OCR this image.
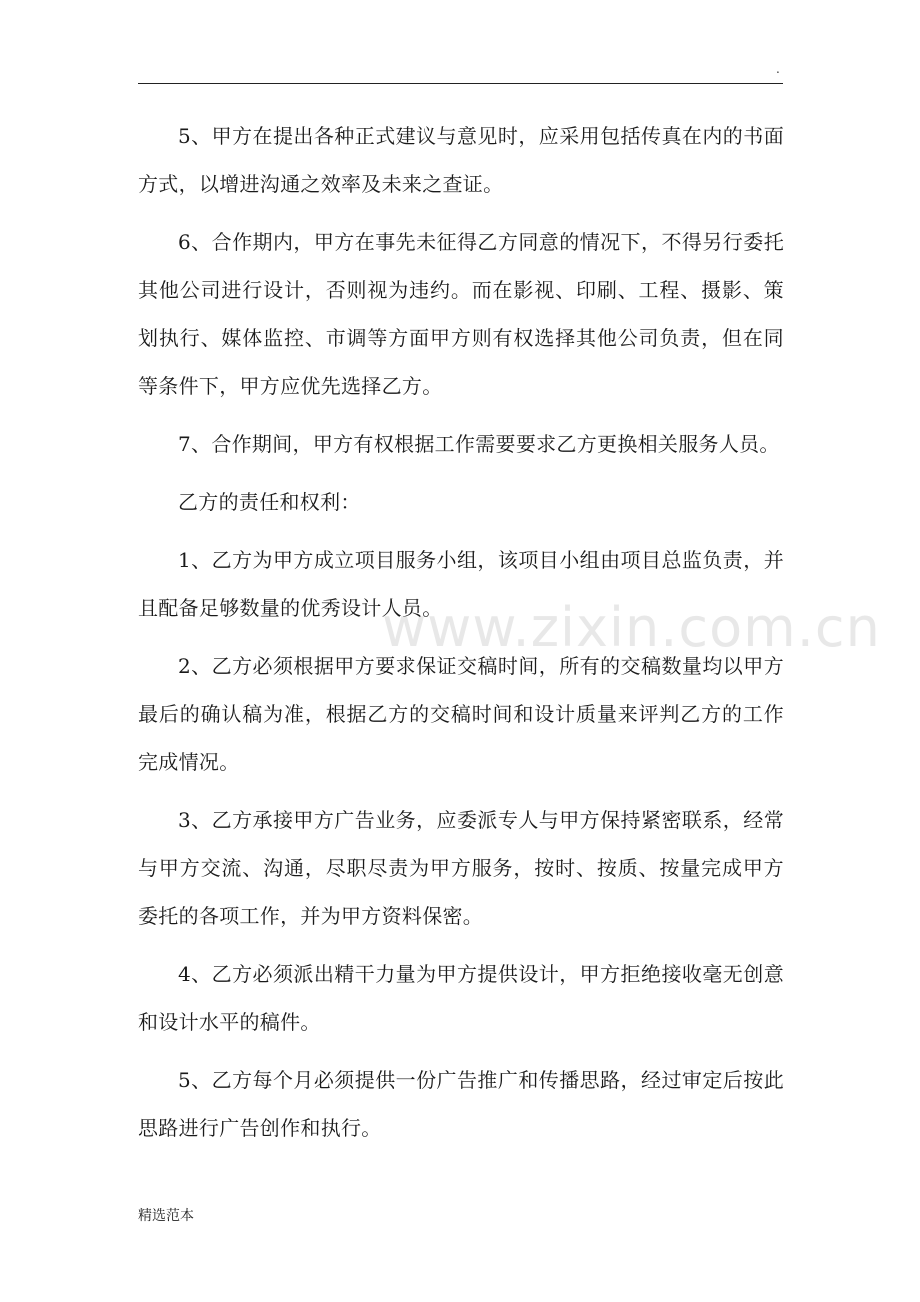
.

5、甲方在提出各种正式建议与意见时，应采用包括传真在内的书面方式，以增进沟通之效率及未来之查证。

6、合作期内，甲方在事先未征得乙方同意的情况下，不得另行委托其他公司进行设计，否则视为违约。而在影视、印刷、工程、摄影、策划执行、媒体监控、市调等方面甲方则有权选择其他公司负责，但在同等条件下，甲方应优先选择乙方。

7、合作期间，甲方有权根据工作需要要求乙方更换相关服务人员。

乙方的责任和权利：

1、乙方为甲方成立项目服务小组，该项目小组由项目总监负责，并且配备足够数量的优秀设计人员。

2、乙方必须根据甲方要求保证交稿时间，所有的交稿数量均以甲方最后的确认稿为准，根据乙方的交稿时间和设计质量来评判乙方的工作完成情况。

3、乙方承接甲方广告业务，应委派专人与甲方保持紧密联系，经常与甲方交流、沟通，尽职尽责为甲方服务，按时、按质、按量完成甲方委托的各项工作，并为甲方资料保密。

4、乙方必须派出精干力量为甲方提供设计，甲方拒绝接收毫无创意和设计水平的稿件。

5、乙方每个月必须提供一份广告推广和传播思路，经过审定后按此思路进行广告创作和执行。

www.zixin.com.cn
精选范本
